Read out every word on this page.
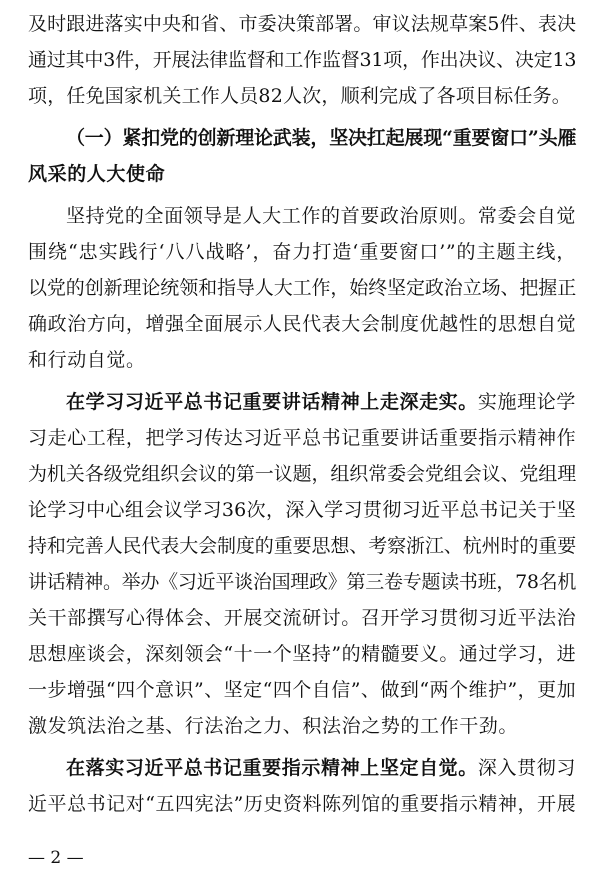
及时跟进落实中央和省、市委决策部署。审议法规草案5件、表决
通过其中3件，开展法律监督和工作监督31项，作出决议、决定13
项，任免国家机关工作人员82人次，顺利完成了各项目标任务。
（一）紧扣党的创新理论武装，坚决扛起展现“重要窗口”头雁
风采的人大使命
坚持党的全面领导是人大工作的首要政治原则。常委会自觉
围绕“忠实践行‘八八战略’，奋力打造‘重要窗口’”的主题主线，
以党的创新理论统领和指导人大工作，始终坚定政治立场、把握正
确政治方向，增强全面展示人民代表大会制度优越性的思想自觉
和行动自觉。
在学习习近平总书记重要讲话精神上走深走实。实施理论学
习走心工程，把学习传达习近平总书记重要讲话重要指示精神作
为机关各级党组织会议的第一议题，组织常委会党组会议、党组理
论学习中心组会议学习36次，深入学习贯彻习近平总书记关于坚
持和完善人民代表大会制度的重要思想、考察浙江、杭州时的重要
讲话精神。举办《习近平谈治国理政》第三卷专题读书班，78名机
关干部撰写心得体会、开展交流研讨。召开学习贯彻习近平法治
思想座谈会，深刻领会“十一个坚持”的精髓要义。通过学习，进
一步增强“四个意识”、坚定“四个自信”、做到“两个维护”，更加
激发筑法治之基、行法治之力、积法治之势的工作干劲。
在落实习近平总书记重要指示精神上坚定自觉。深入贯彻习
近平总书记对“五四宪法”历史资料陈列馆的重要指示精神，开展
— 2 —
